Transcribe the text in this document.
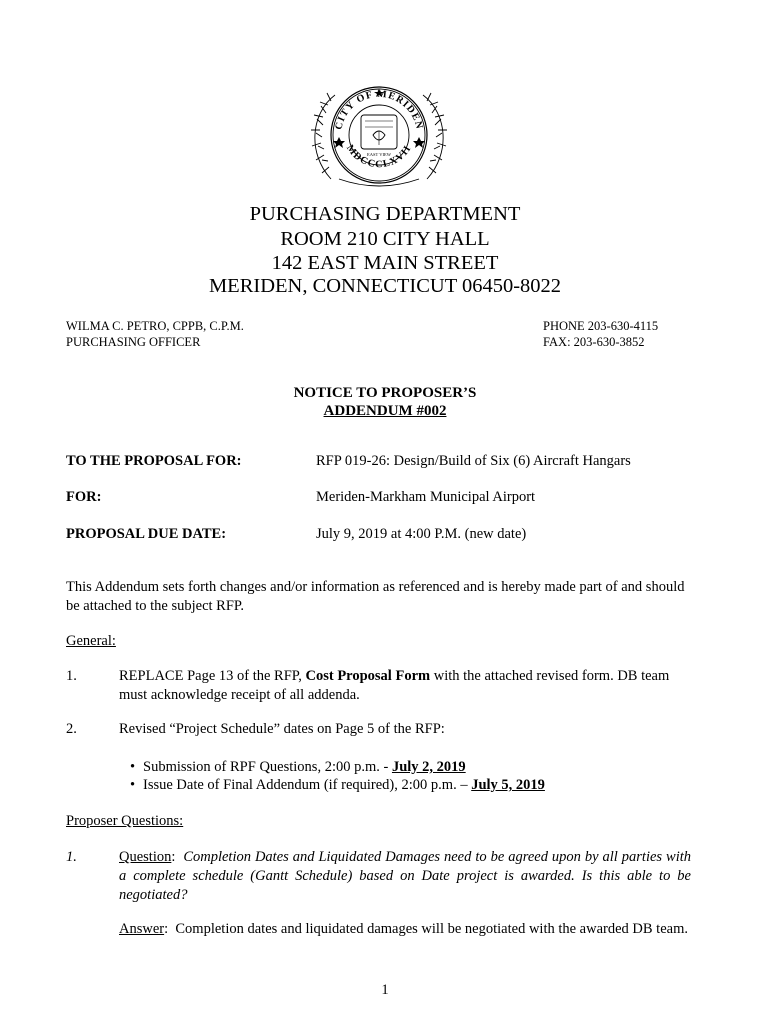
CITY OF MERIDEN
MDCCCLXVII
EAST VIEW
PURCHASING DEPARTMENT
ROOM 210 CITY HALL
142 EAST MAIN STREET
MERIDEN, CONNECTICUT 06450-8022
WILMA C. PETRO, CPPB, C.P.M.
PURCHASING OFFICER
PHONE 203-630-4115
FAX: 203-630-3852
NOTICE TO PROPOSER’S
ADDENDUM #002
TO THE PROPOSAL FOR:	RFP 019-26: Design/Build of Six (6) Aircraft Hangars
FOR:	Meriden-Markham Municipal Airport
PROPOSAL DUE DATE:	July 9, 2019 at 4:00 P.M. (new date)
This Addendum sets forth changes and/or information as referenced and is hereby made part of and should be attached to the subject RFP.
General:
1.	REPLACE Page 13 of the RFP, Cost Proposal Form with the attached revised form. DB team must acknowledge receipt of all addenda.
2.	Revised “Project Schedule” dates on Page 5 of the RFP:
• Submission of RPF Questions, 2:00 p.m. - July 2, 2019
• Issue Date of Final Addendum (if required), 2:00 p.m. – July 5, 2019
Proposer Questions:
1.	Question:  Completion Dates and Liquidated Damages need to be agreed upon by all parties with a complete schedule (Gantt Schedule) based on Date project is awarded. Is this able to be negotiated?
Answer:  Completion dates and liquidated damages will be negotiated with the awarded DB team.
1
